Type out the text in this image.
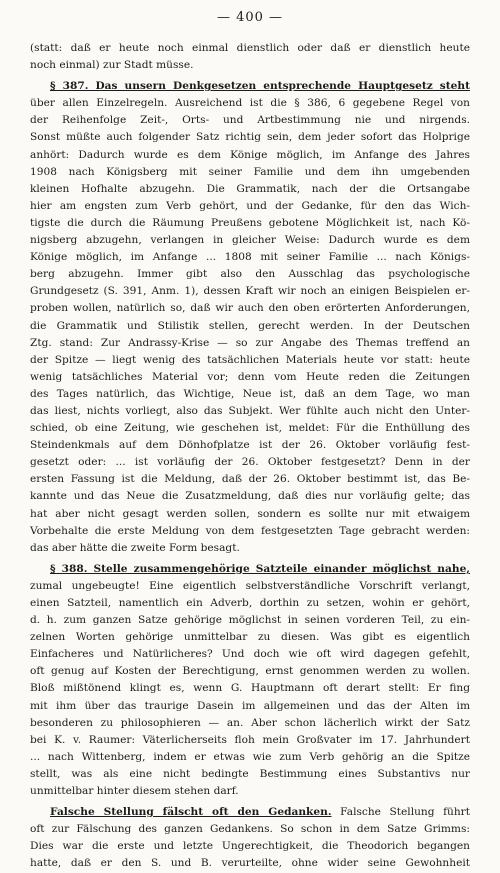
— 400 —
(statt: daß er heute noch einmal dienstlich oder daß er dienstlich heute
noch einmal) zur Stadt müsse.
§ 387. Das unsern Denkgesetzen entsprechende Hauptgesetz steht
über allen Einzelregeln. Ausreichend ist die § 386, 6 gegebene Regel von
der Reihenfolge Zeit-, Orts- und Artbestimmung nie und nirgends.
Sonst müßte auch folgender Satz richtig sein, dem jeder sofort das Holprige
anhört: Dadurch wurde es dem Könige möglich, im Anfange des Jahres
1908 nach Königsberg mit seiner Familie und dem ihn umgebenden
kleinen Hofhalte abzugehn. Die Grammatik, nach der die Ortsangabe
hier am engsten zum Verb gehört, und der Gedanke, für den das Wich-
tigste die durch die Räumung Preußens gebotene Möglichkeit ist, nach Kö-
nigsberg abzugehn, verlangen in gleicher Weise: Dadurch wurde es dem
Könige möglich, im Anfange ... 1808 mit seiner Familie ... nach Königs-
berg abzugehn. Immer gibt also den Ausschlag das psychologische
Grundgesetz (S. 391, Anm. 1), dessen Kraft wir noch an einigen Beispielen er-
proben wollen, natürlich so, daß wir auch den oben erörterten Anforderungen,
die Grammatik und Stilistik stellen, gerecht werden. In der Deutschen
Ztg. stand: Zur Andrassy-Krise — so zur Angabe des Themas treffend an
der Spitze — liegt wenig des tatsächlichen Materials heute vor statt: heute
wenig tatsächliches Material vor; denn vom Heute reden die Zeitungen
des Tages natürlich, das Wichtige, Neue ist, daß an dem Tage, wo man
das liest, nichts vorliegt, also das Subjekt. Wer fühlte auch nicht den Unter-
schied, ob eine Zeitung, wie geschehen ist, meldet: Für die Enthüllung des
Steindenkmals auf dem Dönhofplatze ist der 26. Oktober vorläufig fest-
gesetzt oder: ... ist vorläufig der 26. Oktober festgesetzt? Denn in der
ersten Fassung ist die Meldung, daß der 26. Oktober bestimmt ist, das Be-
kannte und das Neue die Zusatzmeldung, daß dies nur vorläufig gelte; das
hat aber nicht gesagt werden sollen, sondern es sollte nur mit etwaigem
Vorbehalte die erste Meldung von dem festgesetzten Tage gebracht werden:
das aber hätte die zweite Form besagt.
§ 388. Stelle zusammengehörige Satzteile einander möglichst nahe,
zumal ungebeugte! Eine eigentlich selbstverständliche Vorschrift verlangt,
einen Satzteil, namentlich ein Adverb, dorthin zu setzen, wohin er gehört,
d. h. zum ganzen Satze gehörige möglichst in seinen vorderen Teil, zu ein-
zelnen Worten gehörige unmittelbar zu diesen. Was gibt es eigentlich
Einfacheres und Natürlicheres? Und doch wie oft wird dagegen gefehlt,
oft genug auf Kosten der Berechtigung, ernst genommen werden zu wollen.
Bloß mißtönend klingt es, wenn G. Hauptmann oft derart stellt: Er fing
mit ihm über das traurige Dasein im allgemeinen und das der Alten im
besonderen zu philosophieren — an. Aber schon lächerlich wirkt der Satz
bei K. v. Raumer: Väterlicherseits floh mein Großvater im 17. Jahrhundert
... nach Wittenberg, indem er etwas wie zum Verb gehörig an die Spitze
stellt, was als eine nicht bedingte Bestimmung eines Substantivs nur
unmittelbar hinter diesem stehen darf.
Falsche Stellung fälscht oft den Gedanken. Falsche Stellung führt
oft zur Fälschung des ganzen Gedankens. So schon in dem Satze Grimms:
Dies war die erste und letzte Ungerechtigkeit, die Theodorich begangen
hatte, daß er den S. und B. verurteilte, ohne wider seine Gewohnheit
